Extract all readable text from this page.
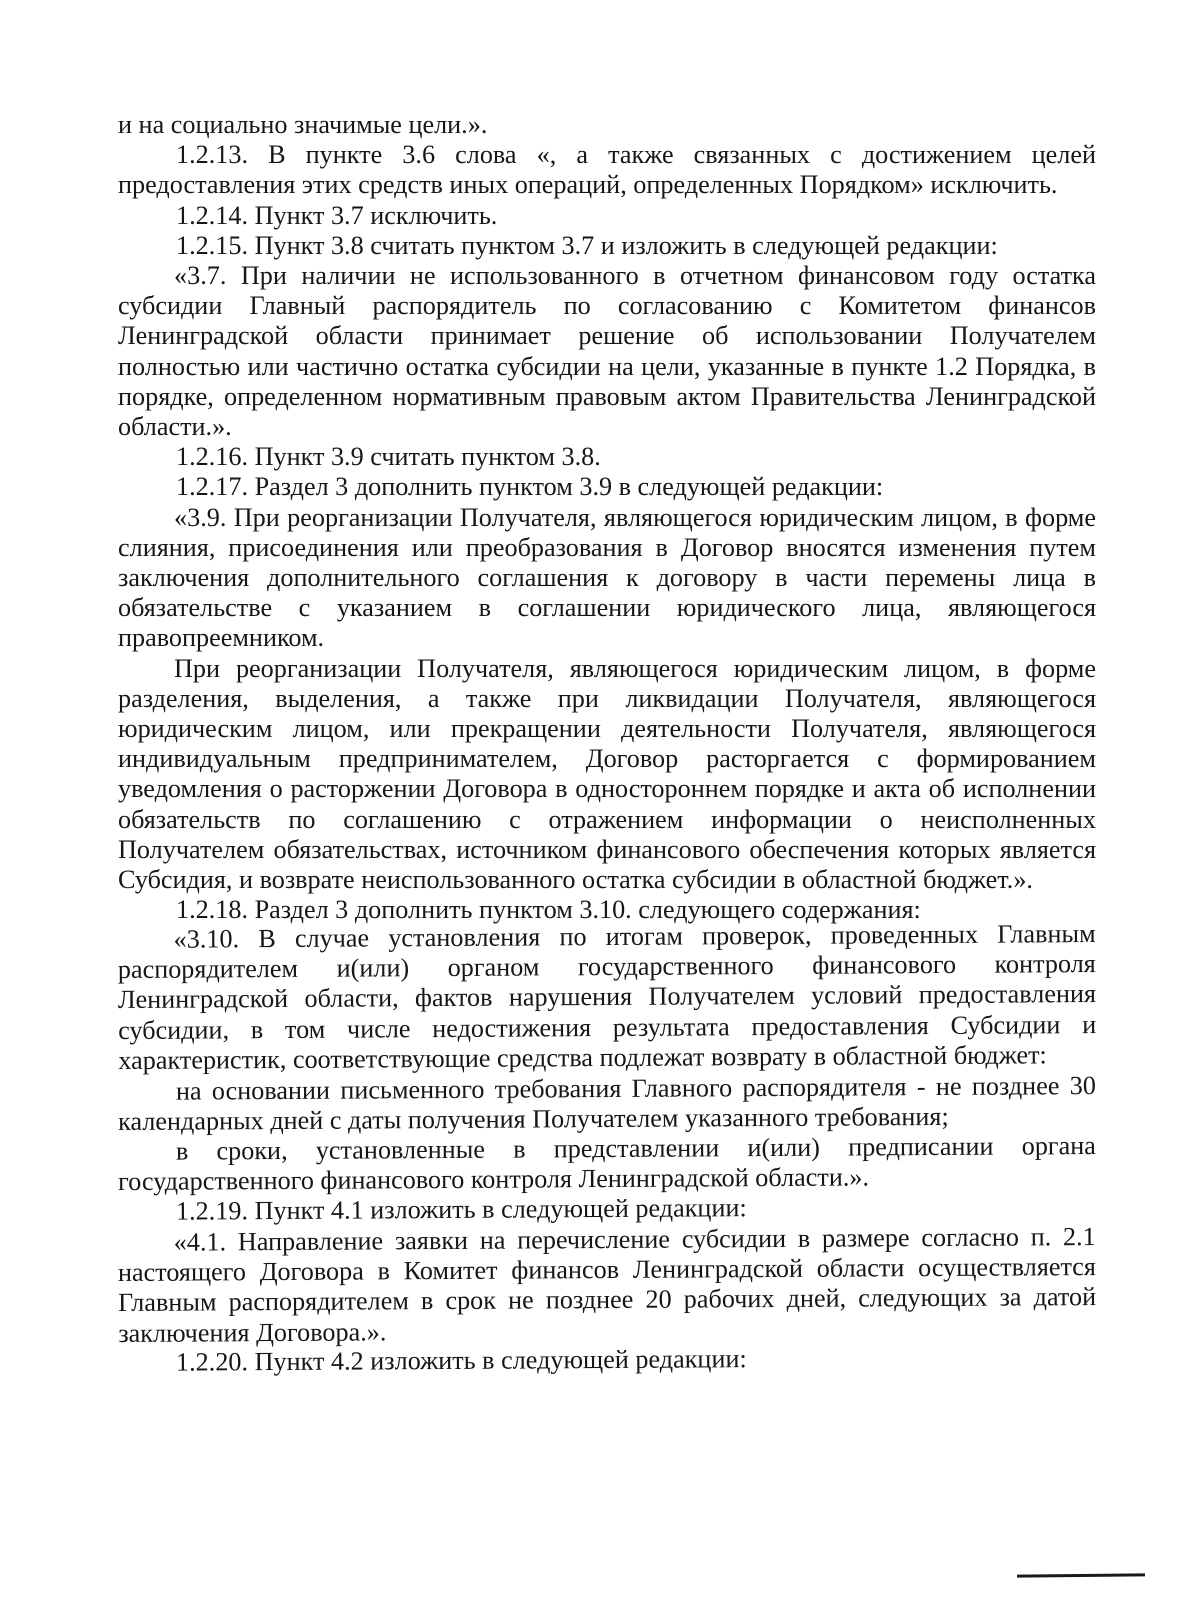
и на социально значимые цели.».

1.2.13. В пункте 3.6 слова «, а также связанных с достижением целей предоставления этих средств иных операций, определенных Порядком» исключить.

1.2.14. Пункт 3.7 исключить.

1.2.15. Пункт 3.8 считать пунктом 3.7 и изложить в следующей редакции:

«3.7. При наличии не использованного в отчетном финансовом году остатка субсидии Главный распорядитель по согласованию с Комитетом финансов Ленинградской области принимает решение об использовании Получателем полностью или частично остатка субсидии на цели, указанные в пункте 1.2 Порядка, в порядке, определенном нормативным правовым актом Правительства Ленинградской области.».

1.2.16. Пункт 3.9 считать пунктом 3.8.

1.2.17. Раздел 3 дополнить пунктом 3.9 в следующей редакции:

«3.9. При реорганизации Получателя, являющегося юридическим лицом, в форме слияния, присоединения или преобразования в Договор вносятся изменения путем заключения дополнительного соглашения к договору в части перемены лица в обязательстве с указанием в соглашении юридического лица, являющегося правопреемником.

При реорганизации Получателя, являющегося юридическим лицом, в форме разделения, выделения, а также при ликвидации Получателя, являющегося юридическим лицом, или прекращении деятельности Получателя, являющегося индивидуальным предпринимателем, Договор расторгается с формированием уведомления о расторжении Договора в одностороннем порядке и акта об исполнении обязательств по соглашению с отражением информации о неисполненных Получателем обязательствах, источником финансового обеспечения которых является Субсидия, и возврате неиспользованного остатка субсидии в областной бюджет.».

1.2.18. Раздел 3 дополнить пунктом 3.10. следующего содержания:

«3.10. В случае установления по итогам проверок, проведенных Главным распорядителем и(или) органом государственного финансового контроля Ленинградской области, фактов нарушения Получателем условий предоставления субсидии, в том числе недостижения результата предоставления Субсидии и характеристик, соответствующие средства подлежат возврату в областной бюджет:

на основании письменного требования Главного распорядителя - не позднее 30 календарных дней с даты получения Получателем указанного требования;

в сроки, установленные в представлении и(или) предписании органа государственного финансового контроля Ленинградской области.».

1.2.19. Пункт 4.1 изложить в следующей редакции:

«4.1. Направление заявки на перечисление субсидии в размере согласно п. 2.1 настоящего Договора в Комитет финансов Ленинградской области осуществляется Главным распорядителем в срок не позднее 20 рабочих дней, следующих за датой заключения Договора.».

1.2.20. Пункт 4.2 изложить в следующей редакции:
